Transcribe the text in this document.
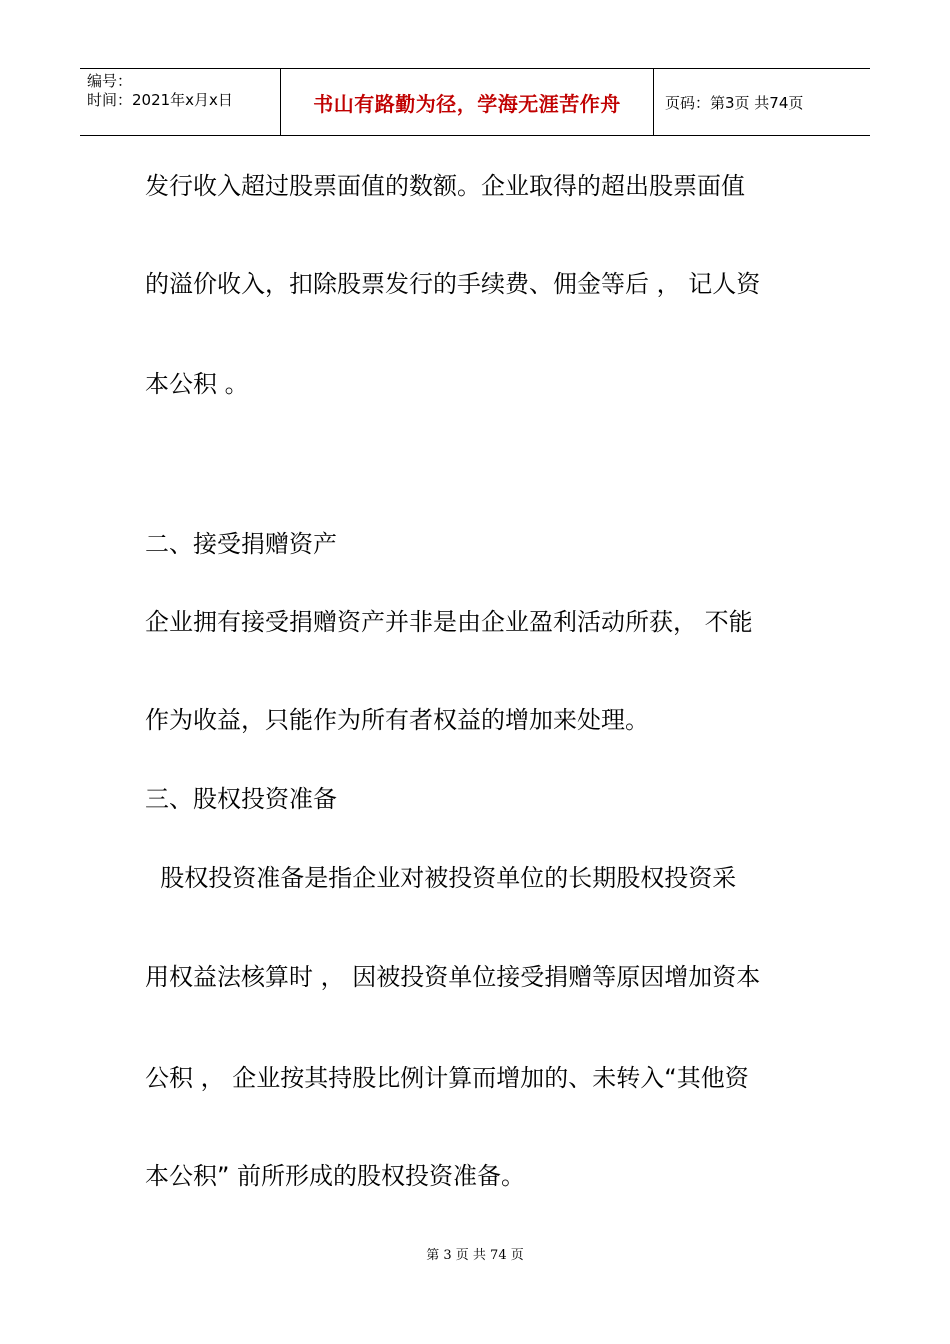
编号：
时间：2021年x月x日	书山有路勤为径，学海无涯苦作舟	页码：第3页 共74页
发行收入超过股票面值的数额。企业取得的超出股票面值
的溢价收入，扣除股票发行的手续费、佣金等后 ， 记人资
本公积 。
二、接受捐赠资产
企业拥有接受捐赠资产并非是由企业盈利活动所获， 不能
作为收益，只能作为所有者权益的增加来处理。
三、股权投资准备
股权投资准备是指企业对被投资单位的长期股权投资采
用权益法核算时 ， 因被投资单位接受捐赠等原因增加资本
公积 ， 企业按其持股比例计算而增加的、未转入“其他资
本公积” 前所形成的股权投资准备。
第 3 页 共 74 页
